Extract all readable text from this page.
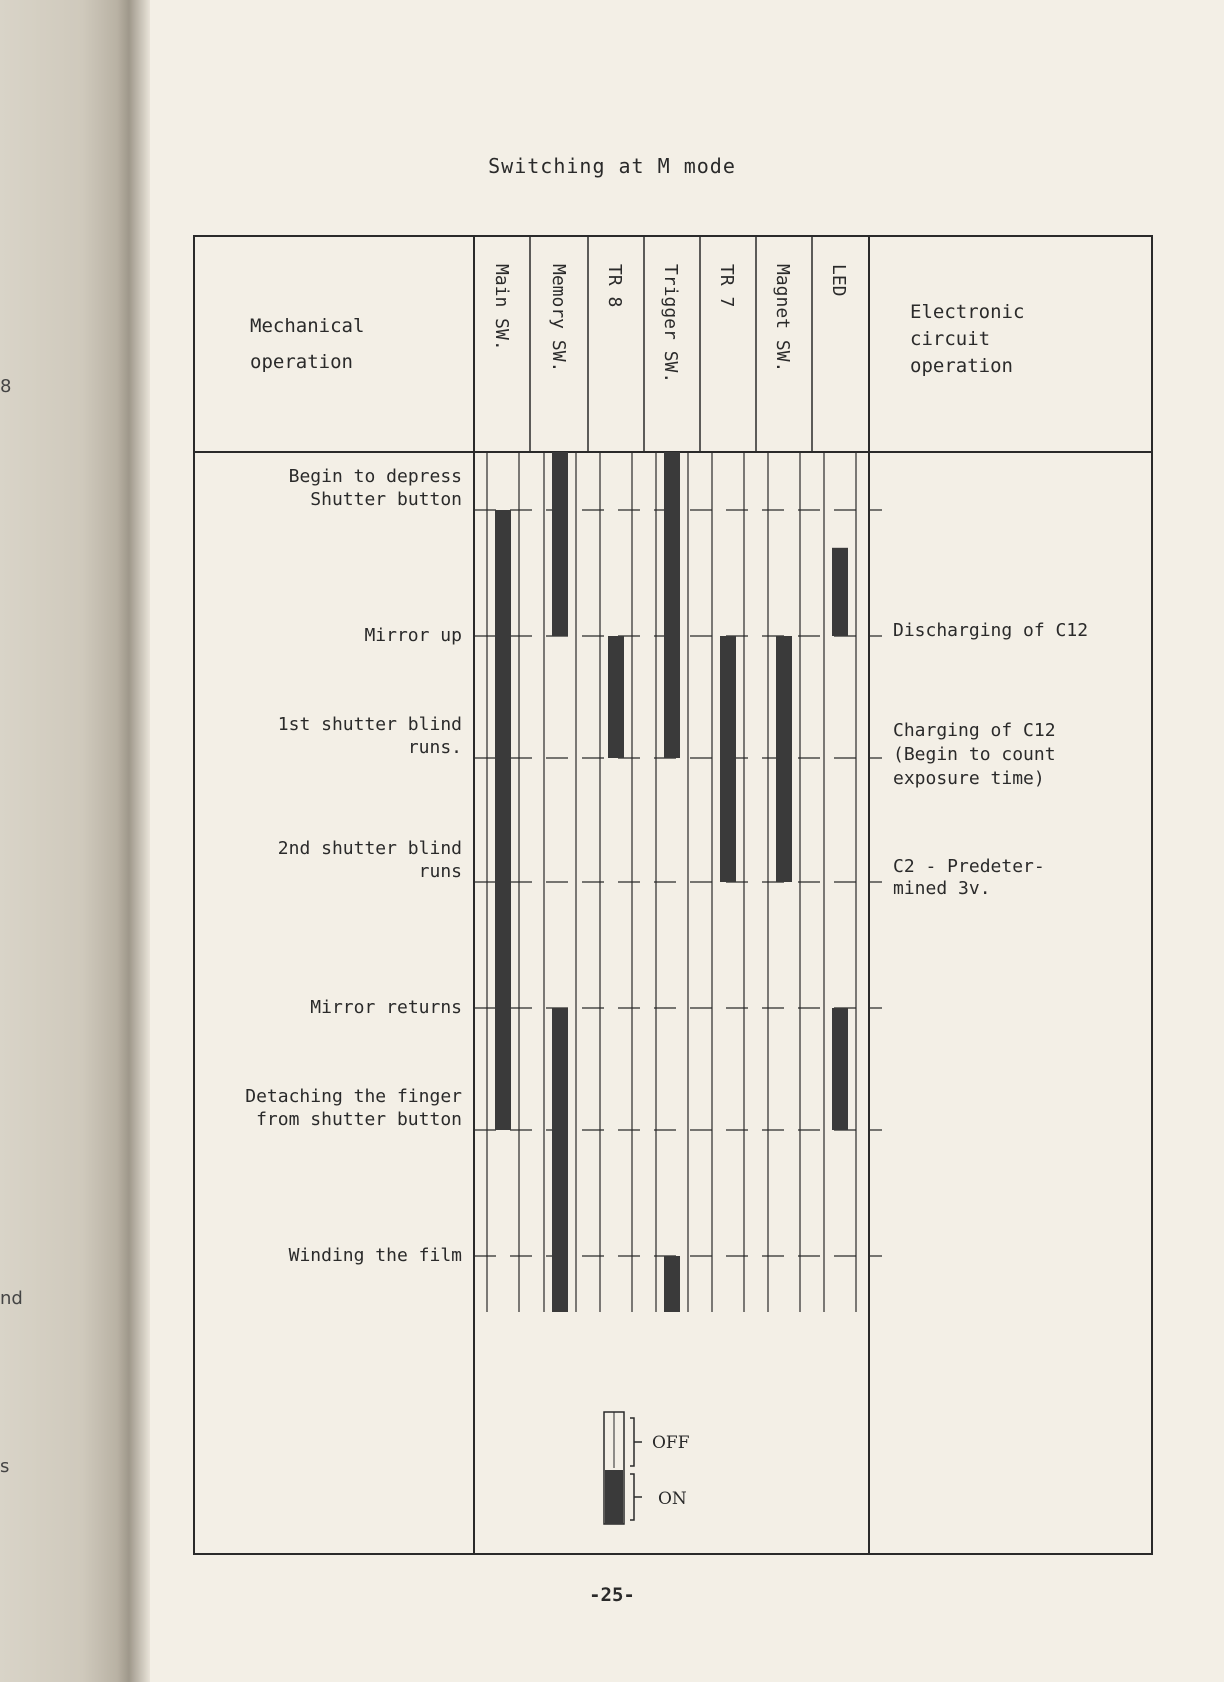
8
nd
s
Switching at M mode
Mechanical
operation
Electronic
circuit
operation
Main SW. Memory SW. TR 8 Trigger SW. TR 7 Magnet SW. LED
Begin to depress
Shutter button
Mirror up
1st shutter blind
runs.
2nd shutter blind
runs
Mirror returns
Detaching the finger
from shutter button
Winding the film
Discharging of C12
Charging of C12
(Begin to count
exposure time)
C2 - Predeter-
mined 3v.
OFF
ON
-25-
